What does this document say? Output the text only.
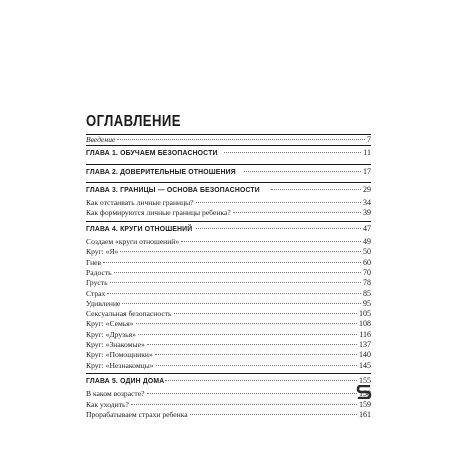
ОГЛАВЛЕНИЕ
Введение	7
ГЛАВА 1. ОБУЧАЕМ БЕЗОПАСНОСТИ	11
ГЛАВА 2. ДОВЕРИТЕЛЬНЫЕ ОТНОШЕНИЯ	17
ГЛАВА 3. ГРАНИЦЫ — ОСНОВА БЕЗОПАСНОСТИ	29
Как отстаивать личные границы?	34
Как формируются личные границы ребенка?	39
ГЛАВА 4. КРУГИ ОТНОШЕНИЙ	47
Создаем «круги отношений»	49
Круг: «Я»	50
Гнев	60
Радость	70
Грусть	78
Страх	85
Удивление	95
Сексуальная безопасность	105
Круг: «Семья»	108
Круг: «Друзья»	116
Круг: «Знакомые»	137
Круг: «Помощники»	140
Круг: «Незнакомцы»	145
ГЛАВА 5. ОДИН ДОМА	155
В каком возрасте?	158
Как уходить?	159
Прорабатываем страхи ребенка	161
